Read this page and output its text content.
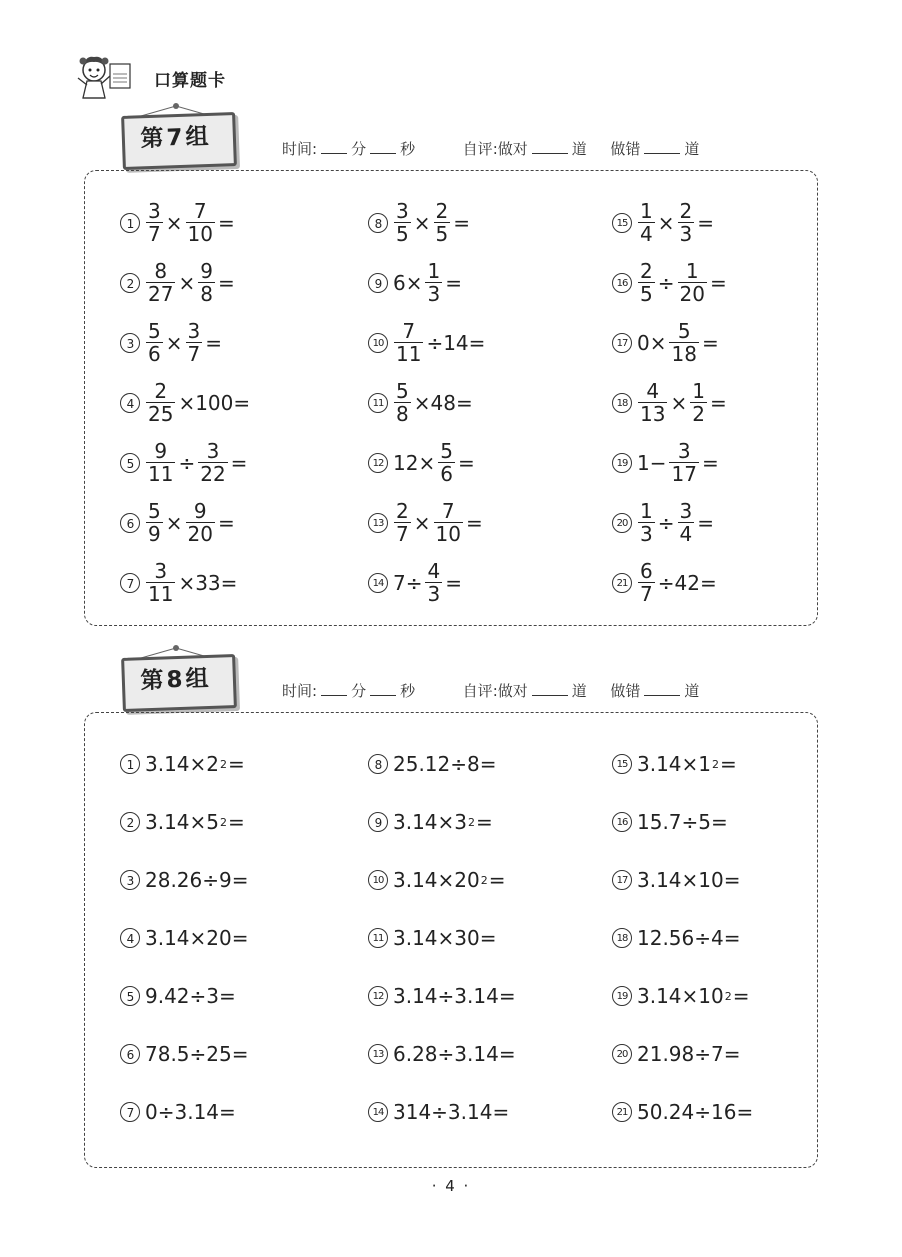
口算题卡
第7组	时间: 分 秒	自评:做对	道 做错	道
$1 \frac{3}{7} \times \frac{7}{10}$ =
$2 \frac{8}{27} \times \frac{9}{8}$ =
$3 \frac{5}{6} \times \frac{3}{7}$ =
$4 \frac{2}{25} \times 100=$
$5 \frac{9}{11} \div \frac{3}{22}$ =
$6 \frac{5}{9} \times \frac{9}{20}$ =
$7 \frac{3}{11} \times 33=$
$8 \frac{3}{5} \times \frac{2}{5}$ =
9 $6\times \frac{1}{3}$ =
$10 \frac{7}{11} \div 14=$
$11 \frac{5}{8} \times 48=$
12 $12\times \frac{5}{6}$ =
$13 \frac{2}{7} \times \frac{7}{10}$ =
14 $7\div \frac{4}{3}$ =
$15 \frac{1}{4} \times \frac{2}{3}$ =
$16 \frac{2}{5} \div \frac{1}{20}$ =
17 $0\times \frac{5}{18}$ =
$18 \frac{4}{13} \times \frac{1}{2}$ =
19 $1- \frac{3}{17}$ =
$20 \frac{1}{3} \div \frac{3}{4}$ =
$21 \frac{6}{7} \div 42=$
第8组	时间: 分 秒	自评:做对	道 做错	道
1 3.14×2 2 =
2 3.14×5 2 =
3 28.26÷9=
4 3.14×20=
5 9.42÷3=
6 78.5÷25=
7 0÷3.14=
8 25.12÷8=
9 3.14×3 2 =
10 3.14×20 2 =
11 3.14×30=
12 3.14÷3.14=
13 6.28÷3.14=
14 314÷3.14=
15 3.14×1 2 =
16 15.7÷5=
17 3.14×10=
18 12.56÷4=
19 3.14×10 2 =
20 21.98÷7=
21 50.24÷16=
· 4 ·
